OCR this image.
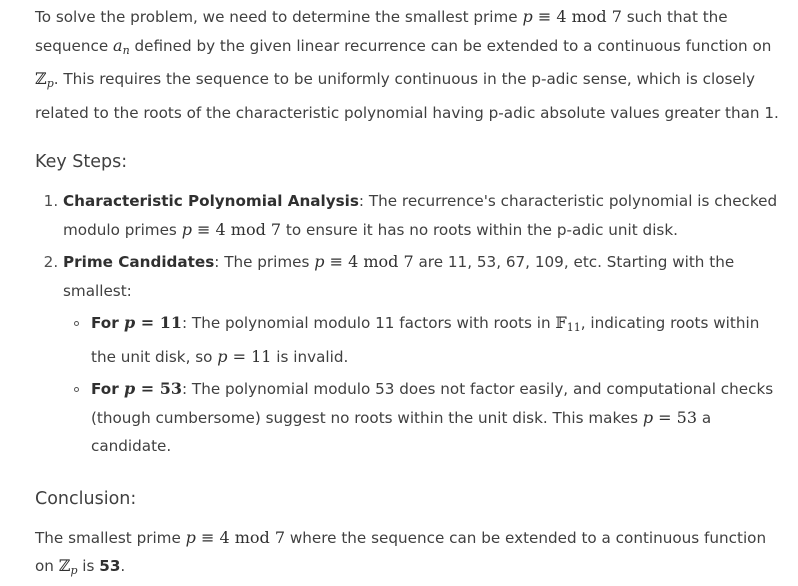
To solve the problem, we need to determine the smallest prime p ≡ 4 mod 7 such that the sequence $a_n$ defined by the given linear recurrence can be extended to a continuous function on ℤ$_p$. This requires the sequence to be uniformly continuous in the p-adic sense, which is closely related to the roots of the characteristic polynomial having p-adic absolute values greater than 1.

Key Steps:
1. Characteristic Polynomial Analysis: The recurrence's characteristic polynomial is checked modulo primes p ≡ 4 mod 7 to ensure it has no roots within the p-adic unit disk.
2. Prime Candidates: The primes p ≡ 4 mod 7 are 11, 53, 67, 109, etc. Starting with the smallest:
For p = 11: The polynomial modulo 11 factors with roots in 𝔽$_{11}$, indicating roots within the unit disk, so p = 11 is invalid.
For p = 53: The polynomial modulo 53 does not factor easily, and computational checks (though cumbersome) suggest no roots within the unit disk. This makes p = 53 a candidate.
Conclusion:

The smallest prime p ≡ 4 mod 7 where the sequence can be extended to a continuous function on ℤ$_p$ is 53.
